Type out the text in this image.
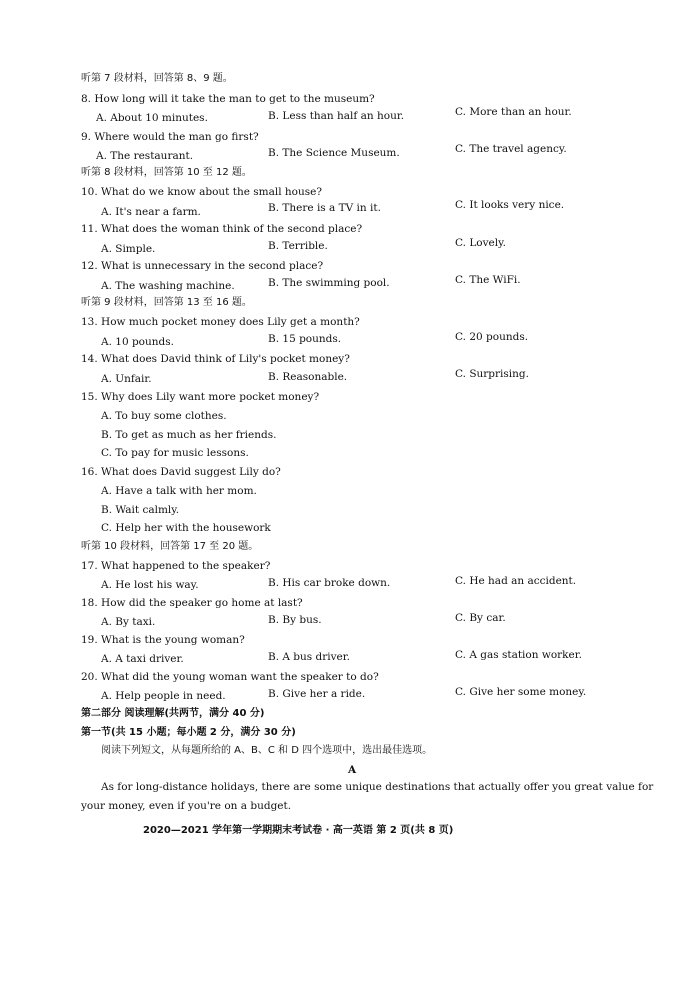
听第 7 段材料，回答第 8、9 题。
8. How long will it take the man to get to the museum?
A. About 10 minutes.	B. Less than half an hour.	C. More than an hour.
9. Where would the man go first?
A. The restaurant.	B. The Science Museum.	C. The travel agency.
听第 8 段材料，回答第 10 至 12 题。
10. What do we know about the small house?
A. It's near a farm.	B. There is a TV in it.	C. It looks very nice.
11. What does the woman think of the second place?
A. Simple.	B. Terrible.	C. Lovely.
12. What is unnecessary in the second place?
A. The washing machine.	B. The swimming pool.	C. The WiFi.
听第 9 段材料，回答第 13 至 16 题。
13. How much pocket money does Lily get a month?
A. 10 pounds.	B. 15 pounds.	C. 20 pounds.
14. What does David think of Lily's pocket money?
A. Unfair.	B. Reasonable.	C. Surprising.
15. Why does Lily want more pocket money?
A. To buy some clothes.
B. To get as much as her friends.
C. To pay for music lessons.
16. What does David suggest Lily do?
A. Have a talk with her mom.
B. Wait calmly.
C. Help her with the housework
听第 10 段材料，回答第 17 至 20 题。
17. What happened to the speaker?
A. He lost his way.	B. His car broke down.	C. He had an accident.
18. How did the speaker go home at last?
A. By taxi.	B. By bus.	C. By car.
19. What is the young woman?
A. A taxi driver.	B. A bus driver.	C. A gas station worker.
20. What did the young woman want the speaker to do?
A. Help people in need.	B. Give her a ride.	C. Give her some money.
第二部分 阅读理解(共两节，满分 40 分)
第一节(共 15 小题；每小题 2 分，满分 30 分)
阅读下列短文，从每题所给的 A、B、C 和 D 四个选项中，选出最佳选项。
A
As for long-distance holidays, there are some unique destinations that actually offer you great value for
your money, even if you're on a budget.
2020—2021 学年第一学期期末考试卷 · 高一英语 第 2 页(共 8 页)
